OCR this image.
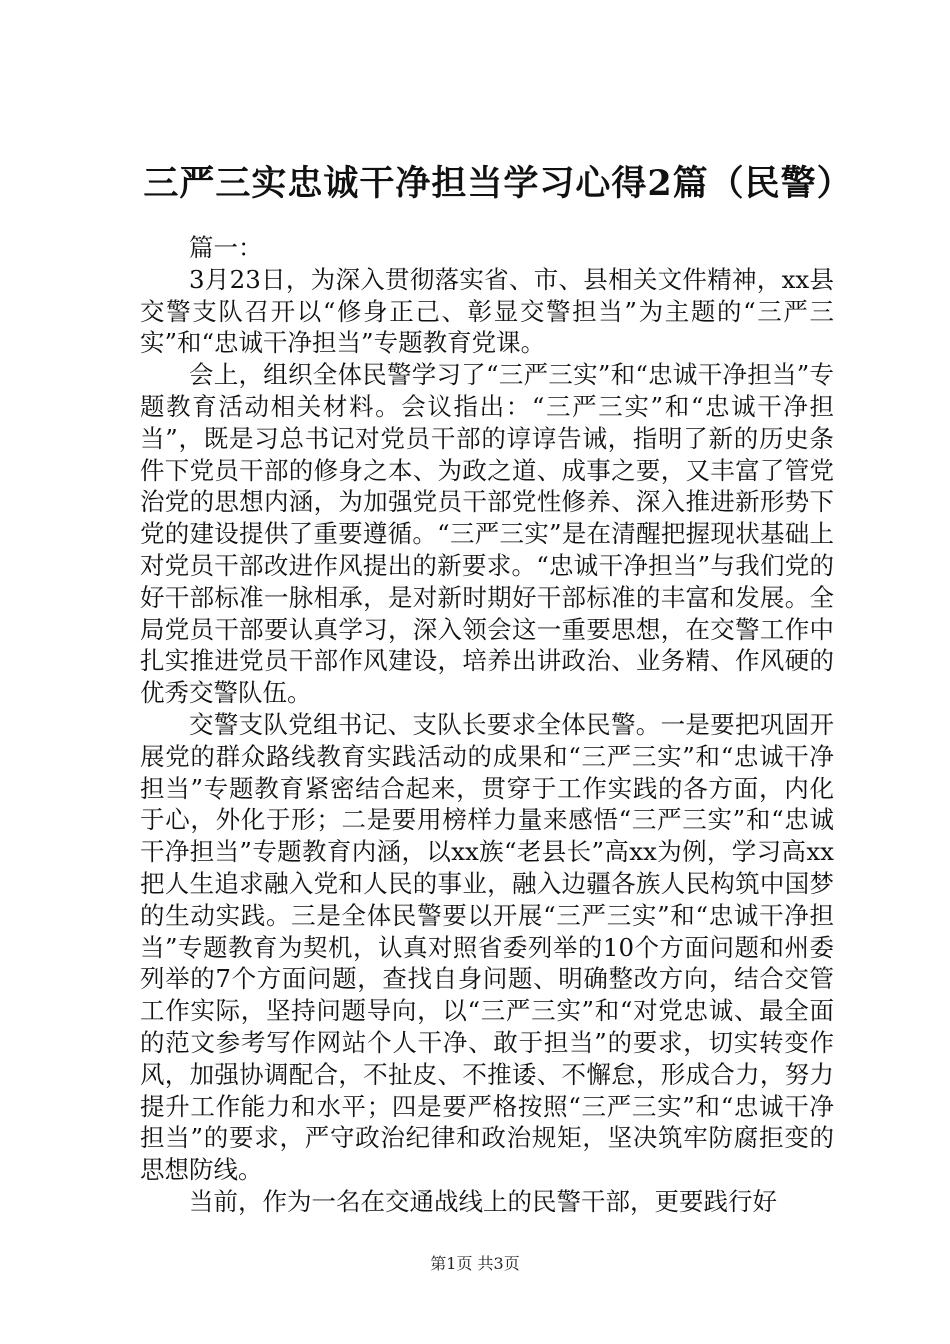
三严三实忠诚干净担当学习心得2篇（民警）

篇一：

3月23日，为深入贯彻落实省、市、县相关文件精神，xx县交警支队召开以“修身正己、彰显交警担当”为主题的“三严三实”和“忠诚干净担当”专题教育党课。

会上，组织全体民警学习了“三严三实”和“忠诚干净担当”专题教育活动相关材料。会议指出：“三严三实”和“忠诚干净担当”，既是习总书记对党员干部的谆谆告诫，指明了新的历史条件下党员干部的修身之本、为政之道、成事之要，又丰富了管党治党的思想内涵，为加强党员干部党性修养、深入推进新形势下党的建设提供了重要遵循。“三严三实”是在清醒把握现状基础上对党员干部改进作风提出的新要求。“忠诚干净担当”与我们党的好干部标准一脉相承，是对新时期好干部标准的丰富和发展。全局党员干部要认真学习，深入领会这一重要思想，在交警工作中扎实推进党员干部作风建设，培养出讲政治、业务精、作风硬的优秀交警队伍。

交警支队党组书记、支队长要求全体民警。一是要把巩固开展党的群众路线教育实践活动的成果和“三严三实”和“忠诚干净担当”专题教育紧密结合起来，贯穿于工作实践的各方面，内化于心，外化于形；二是要用榜样力量来感悟“三严三实”和“忠诚干净担当”专题教育内涵，以xx族“老县长”高xx为例，学习高xx把人生追求融入党和人民的事业，融入边疆各族人民构筑中国梦的生动实践。三是全体民警要以开展“三严三实”和“忠诚干净担当”专题教育为契机，认真对照省委列举的10个方面问题和州委列举的7个方面问题，查找自身问题、明确整改方向，结合交管工作实际，坚持问题导向，以“三严三实”和“对党忠诚、最全面的范文参考写作网站个人干净、敢于担当”的要求，切实转变作风，加强协调配合，不扯皮、不推诿、不懈怠，形成合力，努力提升工作能力和水平；四是要严格按照“三严三实”和“忠诚干净担当”的要求，严守政治纪律和政治规矩，坚决筑牢防腐拒变的思想防线。

当前，作为一名在交通战线上的民警干部，更要践行好

第1页 共3页
